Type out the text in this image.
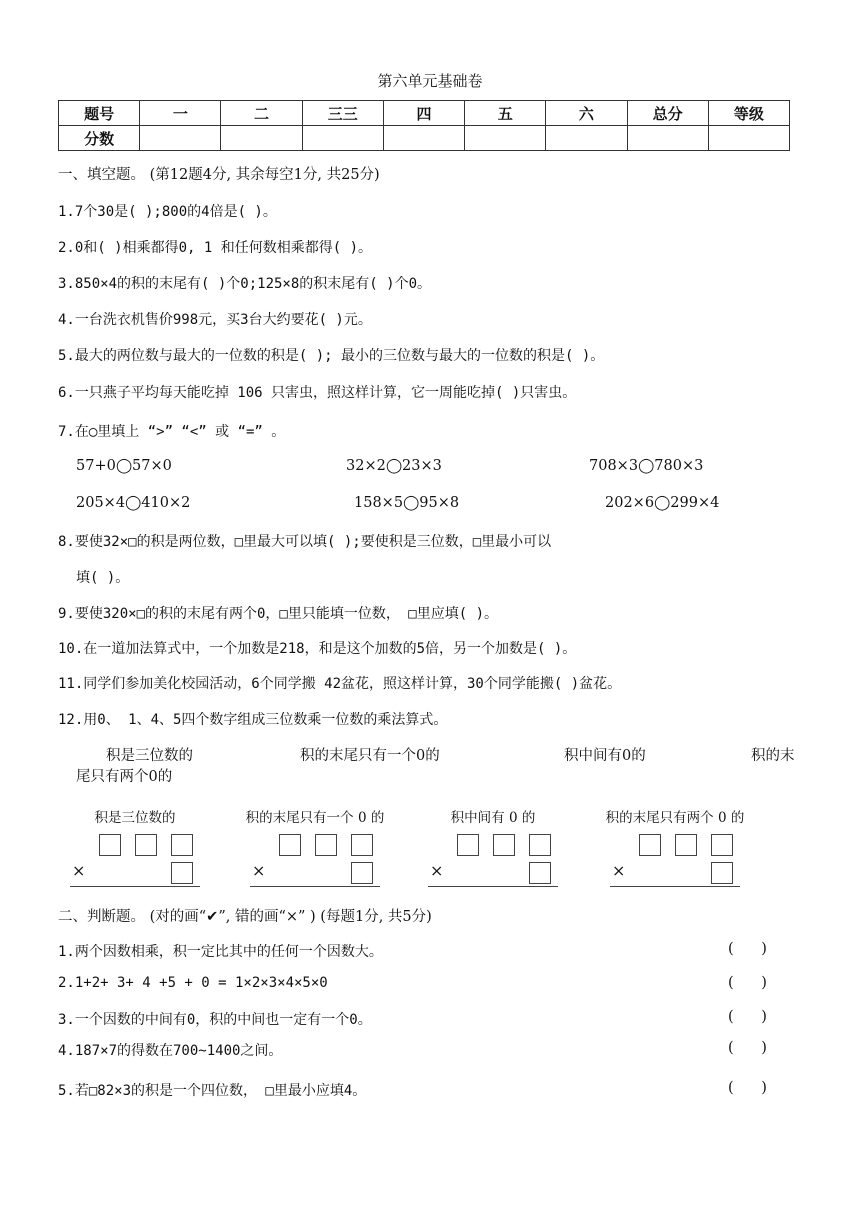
第六单元基础卷
题号	一	二	三三	四	五	六	总分	等级
分数								
一、填空题。 (第12题4分, 其余每空1分, 共25分)
1.7个30是( );800的4倍是( )。
2.0和( )相乘都得0, 1 和任何数相乘都得( )。
3.850×4的积的末尾有( )个0;125×8的积末尾有( )个0。
4.一台洗衣机售价998元，买3台大约要花( )元。
5.最大的两位数与最大的一位数的积是( ); 最小的三位数与最大的一位数的积是( )。
6.一只燕子平均每天能吃掉 106 只害虫，照这样计算，它一周能吃掉( )只害虫。
7.在◯里填上 “>” “<” 或 “=” 。
57+0◯57×0	32×2◯23×3	708×3◯780×3
205×4◯410×2	158×5◯95×8	202×6◯299×4
8.要使32×□的积是两位数，□里最大可以填( );要使积是三位数，□里最小可以
填( )。
9.要使320×□的积的末尾有两个0，□里只能填一位数， □里应填( )。
10.在一道加法算式中，一个加数是218，和是这个加数的5倍，另一个加数是( )。
11.同学们参加美化校园活动，6个同学搬 42盆花，照这样计算，30个同学能搬( )盆花。
12.用0、 1、4、5四个数字组成三位数乘一位数的乘法算式。
积是三位数的	积的末尾只有一个0的	积中间有0的	积的末
尾只有两个0的
积是三位数的
×
积的末尾只有一个 0 的
×
积中间有 0 的
×
积的末尾只有两个 0 的
×
二、判断题。 (对的画“✔”, 错的画“×” ) (每题1分, 共5分)
1.两个因数相乘，积一定比其中的任何一个因数大。	(      )
2.1+2+ 3+ 4 +5 + 0 = 1×2×3×4×5×0	(      )
3.一个因数的中间有0，积的中间也一定有一个0。	(      )
4.187×7的得数在700~1400之间。	(      )
5.若□82×3的积是一个四位数， □里最小应填4。	(      )
